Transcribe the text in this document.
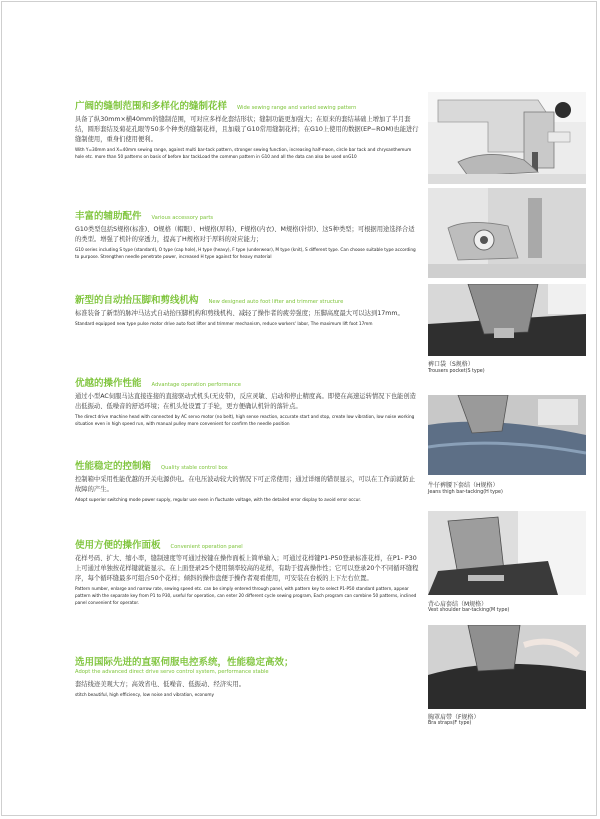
广阔的缝制范围和多样化的缝制花样 Wide sewing range and varied sewing pattern
具备了纵30mm×横40mm的缝制范围，可对应多样化套结形状；缝制功能更加强大；在原来的套结基础上增加了半月套结，圆形套结及菊花孔眼等50多个种类的缝制花样，且加载了G10常用缝制花样；在G10上使用的数据(EP−ROM)也能进行缝制使用，重身们使用便利。
With Y=30mm and X=40mm sewing range, against multi bar-tack pattern, stronger sewing function, increasing half-moon, circle bar tack and chrysanthemum hole etc. more than 50 patterns on basis of before bar tackLoad the common pattern in G10 and all the data can also be used onG10
丰富的辅助配件 Various accessory parts
G10类型包括S规格(标准)、O规格（帽眼）、H规格(厚料)、F规格(内衣)、M规格(针织)、这5种类型；可根据用途选择合适的类型。增强了机针的穿透力，提高了H规格对于厚料的对应能力；
G10 series including S type (standard), O type (cap hole), H type (heavy), F type (underwear), M type (knit), S different type. Can choose suitable type according to purpose. Strengthen needle penetrate power, increased H type against for heavy material
新型的自动抬压脚和剪线机构 New designed auto foot lifter and trimmer structure
标准装备了新型的脉冲马达式自动抬压脚机构和剪线机构、减轻了操作者的疲劳强度；压脚高度最大可以达到17mm。
Standard equipped new type pulse motor drive auto foot lifter and trimmer mechanism, reduce workers' labor, The maximum lift foot 17mm
优越的操作性能 Advantage operation performance
通过小型AC伺服马达直接连接的直接驱动式机头(无皮带)，反应灵敏、启动和停止精度高。即使在高速运转情况下也能创造出低振动、低噪音的舒适环境；在机头处设置了手轮，更方便确认机针的落针点。
The direct drive machine head with connected by AC servo motor (no belt), high sense reaction, accurate start and stop, create low vibration, low noise working situation even in high speed run, with manual pulley more convenient for confirm the needle position
性能稳定的控制箱 Quality stable control box
控制箱中采用性能优越的开关电源供电。在电压波动较大的情况下可正常使用；通过详细的错误显示，可以在工作前就防止故障的产生。
Adopt superior switching mode power supply, regular use even in fluctuate voltage, with the detailed error display to avoid error occur.
使用方便的操作面板 Convenient operation panel
花样号码、扩大、缩小率，缝制速度等可通过按键在操作面板上简单输入；可通过花样键P1-P50登录标准花样，在P1- P30上可通过单独按花样键就能显示。在上面登录25个使用频率较高的花样，有助于提高操作性；它可以登录20个不同循环缝程序，每个循环缝最多可组合50个花样；倾斜的操作盘便于操作者观看使用，可安装在台板的上下左右位置。
Pattern number, enlarge and narrow rate, sewing speed etc. can be simply entered through panel, with pattern key to select P1-P50 standard pattern, appear pattern with the separate key from P1 to P30, useful for operation, can enter 20 different cycle sewing program, Each program can combine 50 patterns, inclined panel convenient for operator.
选用国际先进的直驱伺服电控系统，性能稳定高效；
Adopt the advanced direct drive servo control system, performance stable
套结线迹美观大方；高效省电、低噪音、低振动、经济实用。
stitch beautiful, high efficiency, low noise and vibration, economy
裤口袋（S规格）
Trousers pocket(S type)
牛仔裤腰下套结（H规格）
Jeans thigh bar-tacking(H type)
背心肩套结（M规格）
Vest shoulder bar-tacking(M type)
胸罩肩带（F规格）
Bra straps(F type)
